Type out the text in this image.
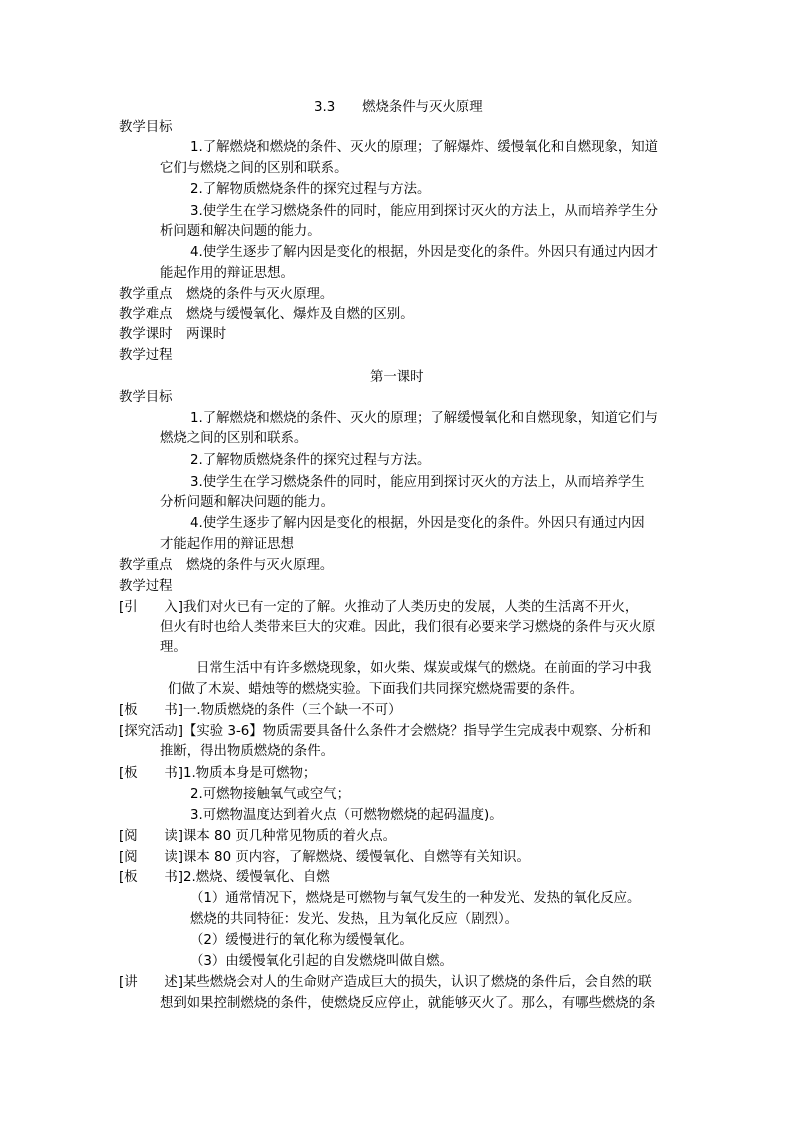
3.3　　燃烧条件与灭火原理
教学目标
1.了解燃烧和燃烧的条件、灭火的原理；了解爆炸、缓慢氧化和自燃现象，知道
它们与燃烧之间的区别和联系。
2.了解物质燃烧条件的探究过程与方法。
3.使学生在学习燃烧条件的同时，能应用到探讨灭火的方法上，从而培养学生分
析问题和解决问题的能力。
4.使学生逐步了解内因是变化的根据，外因是变化的条件。外因只有通过内因才
能起作用的辩证思想。
教学重点　燃烧的条件与灭火原理。
教学难点　燃烧与缓慢氧化、爆炸及自燃的区别。
教学课时　两课时
教学过程
第一课时
教学目标
1.了解燃烧和燃烧的条件、灭火的原理；了解缓慢氧化和自燃现象，知道它们与
燃烧之间的区别和联系。
2.了解物质燃烧条件的探究过程与方法。
3.使学生在学习燃烧条件的同时，能应用到探讨灭火的方法上，从而培养学生
分析问题和解决问题的能力。
4.使学生逐步了解内因是变化的根据，外因是变化的条件。外因只有通过内因
才能起作用的辩证思想
教学重点　燃烧的条件与灭火原理。
教学过程
[引　　入]我们对火已有一定的了解。火推动了人类历史的发展，人类的生活离不开火，
但火有时也给人类带来巨大的灾难。因此，我们很有必要来学习燃烧的条件与灭火原
理。
日常生活中有许多燃烧现象，如火柴、煤炭或煤气的燃烧。在前面的学习中我
们做了木炭、蜡烛等的燃烧实验。下面我们共同探究燃烧需要的条件。
[板　　书]一.物质燃烧的条件（三个缺一不可）
[探究活动]【实验 3-6】物质需要具备什么条件才会燃烧？指导学生完成表中观察、分析和
推断，得出物质燃烧的条件。
[板　　书]1.物质本身是可燃物；
2.可燃物接触氧气或空气；
3.可燃物温度达到着火点（可燃物燃烧的起码温度)。
[阅　　读]课本 80 页几种常见物质的着火点。
[阅　　读]课本 80 页内容，了解燃烧、缓慢氧化、自燃等有关知识。
[板　　书]2.燃烧、缓慢氧化、自燃
（1）通常情况下，燃烧是可燃物与氧气发生的一种发光、发热的氧化反应。
燃烧的共同特征：发光、发热，且为氧化反应（剧烈）。
（2）缓慢进行的氧化称为缓慢氧化。
（3）由缓慢氧化引起的自发燃烧叫做自燃。
[讲　　述]某些燃烧会对人的生命财产造成巨大的损失，认识了燃烧的条件后，会自然的联
想到如果控制燃烧的条件，使燃烧反应停止，就能够灭火了。那么，有哪些燃烧的条
